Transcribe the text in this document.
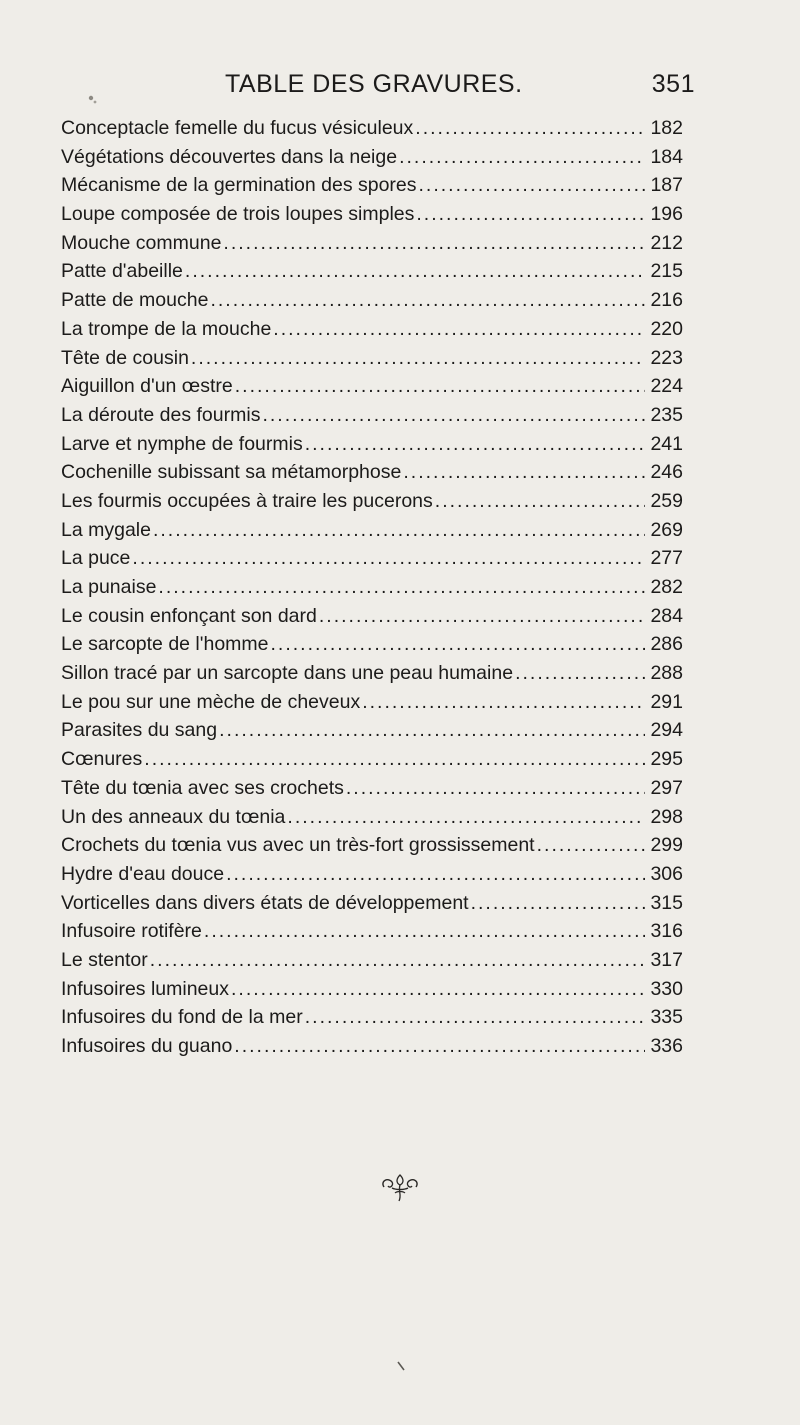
TABLE DES GRAVURES.	351
Conceptacle femelle du fucus vésiculeux .....	182
Végétations découvertes dans la neige .....	184
Mécanisme de la germination des spores .....	187
Loupe composée de trois loupes simples .....	196
Mouche commune .....	212
Patte d'abeille .....	215
Patte de mouche .....	216
La trompe de la mouche .....	220
Tête de cousin .....	223
Aiguillon d'un œstre .....	224
La déroute des fourmis .....	235
Larve et nymphe de fourmis .....	241
Cochenille subissant sa métamorphose .....	246
Les fourmis occupées à traire les pucerons .....	259
La mygale .....	269
La puce .....	277
La punaise .....	282
Le cousin enfonçant son dard .....	284
Le sarcopte de l'homme .....	286
Sillon tracé par un sarcopte dans une peau humaine .....	288
Le pou sur une mèche de cheveux .....	291
Parasites du sang .....	294
Cœnures .....	295
Tête du tœnia avec ses crochets .....	297
Un des anneaux du tœnia .....	298
Crochets du tœnia vus avec un très-fort grossissement .....	299
Hydre d'eau douce .....	306
Vorticelles dans divers états de développement .....	315
Infusoire rotifère .....	316
Le stentor .....	317
Infusoires lumineux .....	330
Infusoires du fond de la mer .....	335
Infusoires du guano .....	336
